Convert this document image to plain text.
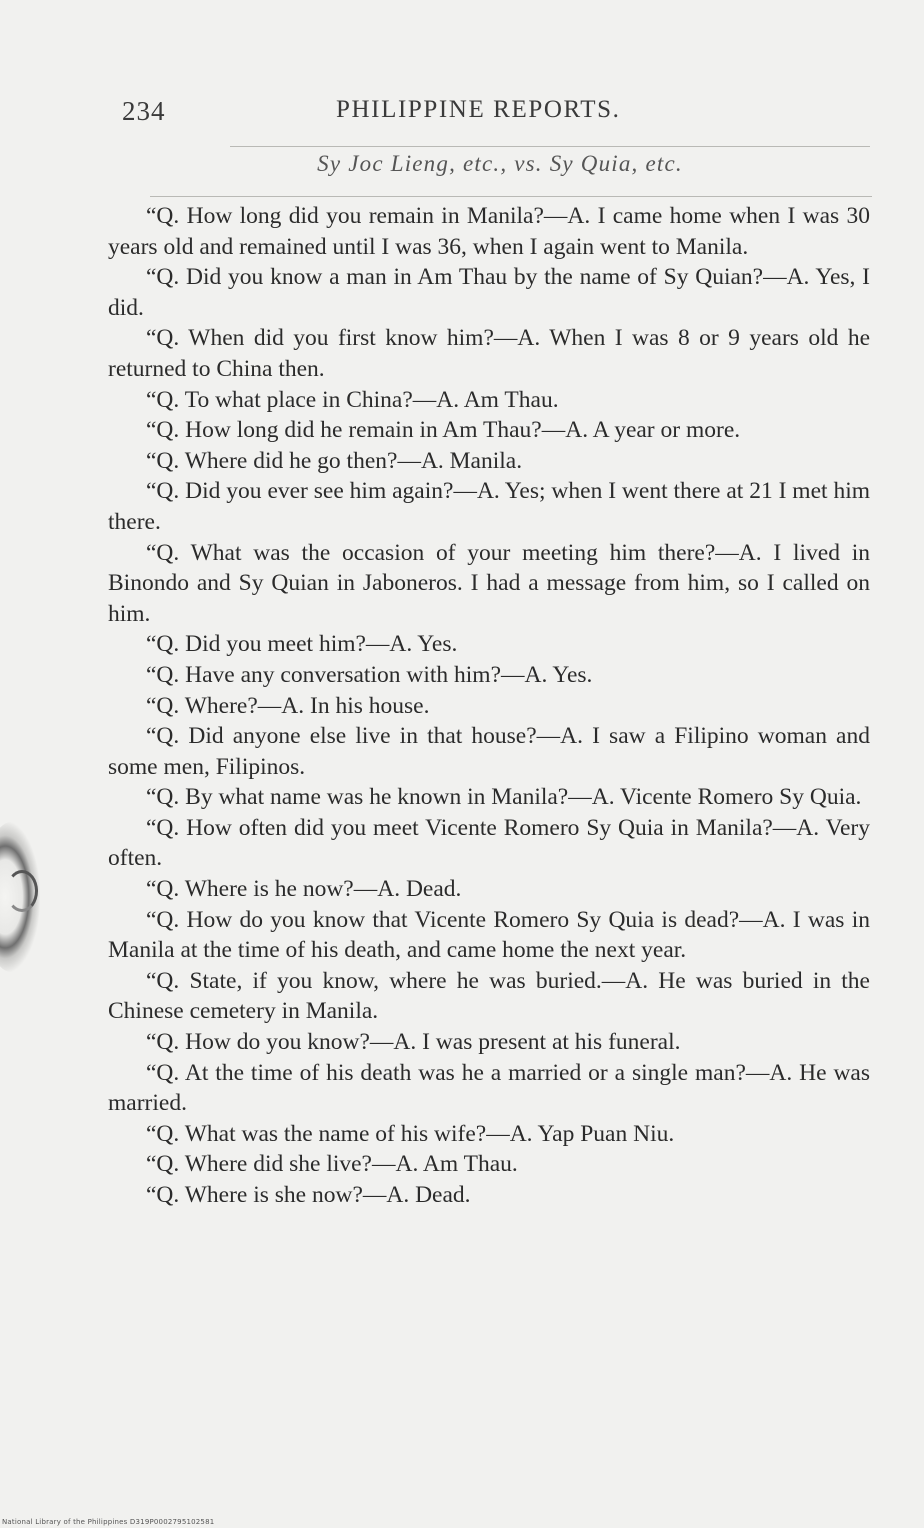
234	PHILIPPINE REPORTS.
Sy Joc Lieng, etc., vs. Sy Quia, etc.

“Q. How long did you remain in Manila?—A. I came home when I was 30 years old and remained until I was 36, when I again went to Manila.

“Q. Did you know a man in Am Thau by the name of Sy Quian?—A. Yes, I did.

“Q. When did you first know him?—A. When I was 8 or 9 years old he returned to China then.

“Q. To what place in China?—A. Am Thau.

“Q. How long did he remain in Am Thau?—A. A year or more.

“Q. Where did he go then?—A. Manila.

“Q. Did you ever see him again?—A. Yes; when I went there at 21 I met him there.

“Q. What was the occasion of your meeting him there?—A. I lived in Binondo and Sy Quian in Jaboneros. I had a message from him, so I called on him.

“Q. Did you meet him?—A. Yes.

“Q. Have any conversation with him?—A. Yes.

“Q. Where?—A. In his house.

“Q. Did anyone else live in that house?—A. I saw a Filipino woman and some men, Filipinos.

“Q. By what name was he known in Manila?—A. Vicente Romero Sy Quia.

“Q. How often did you meet Vicente Romero Sy Quia in Manila?—A. Very often.

“Q. Where is he now?—A. Dead.

“Q. How do you know that Vicente Romero Sy Quia is dead?—A. I was in Manila at the time of his death, and came home the next year.

“Q. State, if you know, where he was buried.—A. He was buried in the Chinese cemetery in Manila.

“Q. How do you know?—A. I was present at his funeral.

“Q. At the time of his death was he a married or a single man?—A. He was married.

“Q. What was the name of his wife?—A. Yap Puan Niu.

“Q. Where did she live?—A. Am Thau.

“Q. Where is she now?—A. Dead.

National Library of the Philippines D319P0002795102581
